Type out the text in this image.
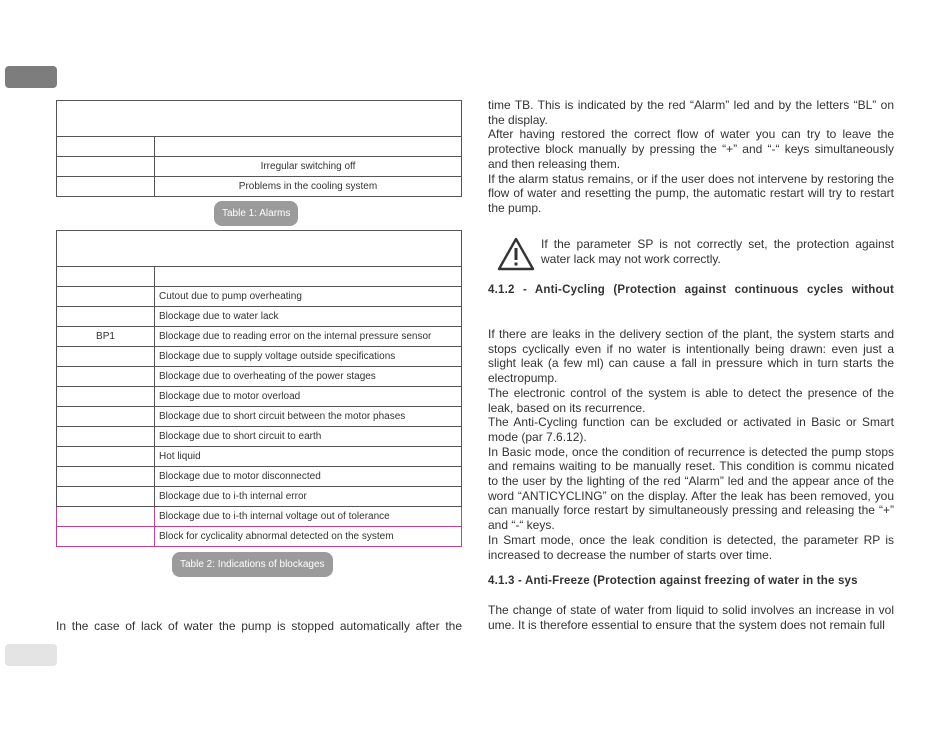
	Irregular switching off
	Problems in the cooling system
Table 1: Alarms

	Cutout due to pump overheating
	Blockage due to water lack
BP1	Blockage due to reading error on the internal pressure sensor
	Blockage due to supply voltage outside specifications
	Blockage due to overheating of the power stages
	Blockage due to motor overload
	Blockage due to short circuit between the motor phases
	Blockage due to short circuit to earth
	Hot liquid
	Blockage due to motor disconnected
	Blockage due to i-th internal error
	Blockage due to i-th internal voltage out of tolerance
	Block for cyclicality abnormal detected on the system
Table 2: Indications of blockages
In the case of lack of water the pump is stopped automatically after the

time TB. This is indicated by the red “Alarm” led and by the letters “BL” on the display.

After having restored the correct flow of water you can try to leave the protective block manually by pressing the “+” and “-“ keys simultaneously and then releasing them.

If the alarm status remains, or if the user does not intervene by restoring the flow of water and resetting the pump, the automatic restart will try to restart the pump.

If the parameter SP is not correctly set, the protection against water lack may not work correctly.
4.1.2 - Anti-Cycling (Protection against continuous cycles without

If there are leaks in the delivery section of the plant, the system starts and stops cyclically even if no water is intentionally being drawn: even just a slight leak (a few ml) can cause a fall in pressure which in turn starts the electropump.

The electronic control of the system is able to detect the presence of the leak, based on its recurrence.

The Anti-Cycling function can be excluded or activated in Basic or Smart mode (par 7.6.12).

In Basic mode, once the condition of recurrence is detected the pump stops and remains waiting to be manually reset. This condition is commu nicated to the user by the lighting of the red “Alarm” led and the appear ance of the word “ANTICYCLING” on the display. After the leak has been removed, you can manually force restart by simultaneously pressing and releasing the “+” and “-“ keys.

In Smart mode, once the leak condition is detected, the parameter RP is increased to decrease the number of starts over time.

4.1.3 - Anti-Freeze (Protection against freezing of water in the sys

The change of state of water from liquid to solid involves an increase in vol ume. It is therefore essential to ensure that the system does not remain full
